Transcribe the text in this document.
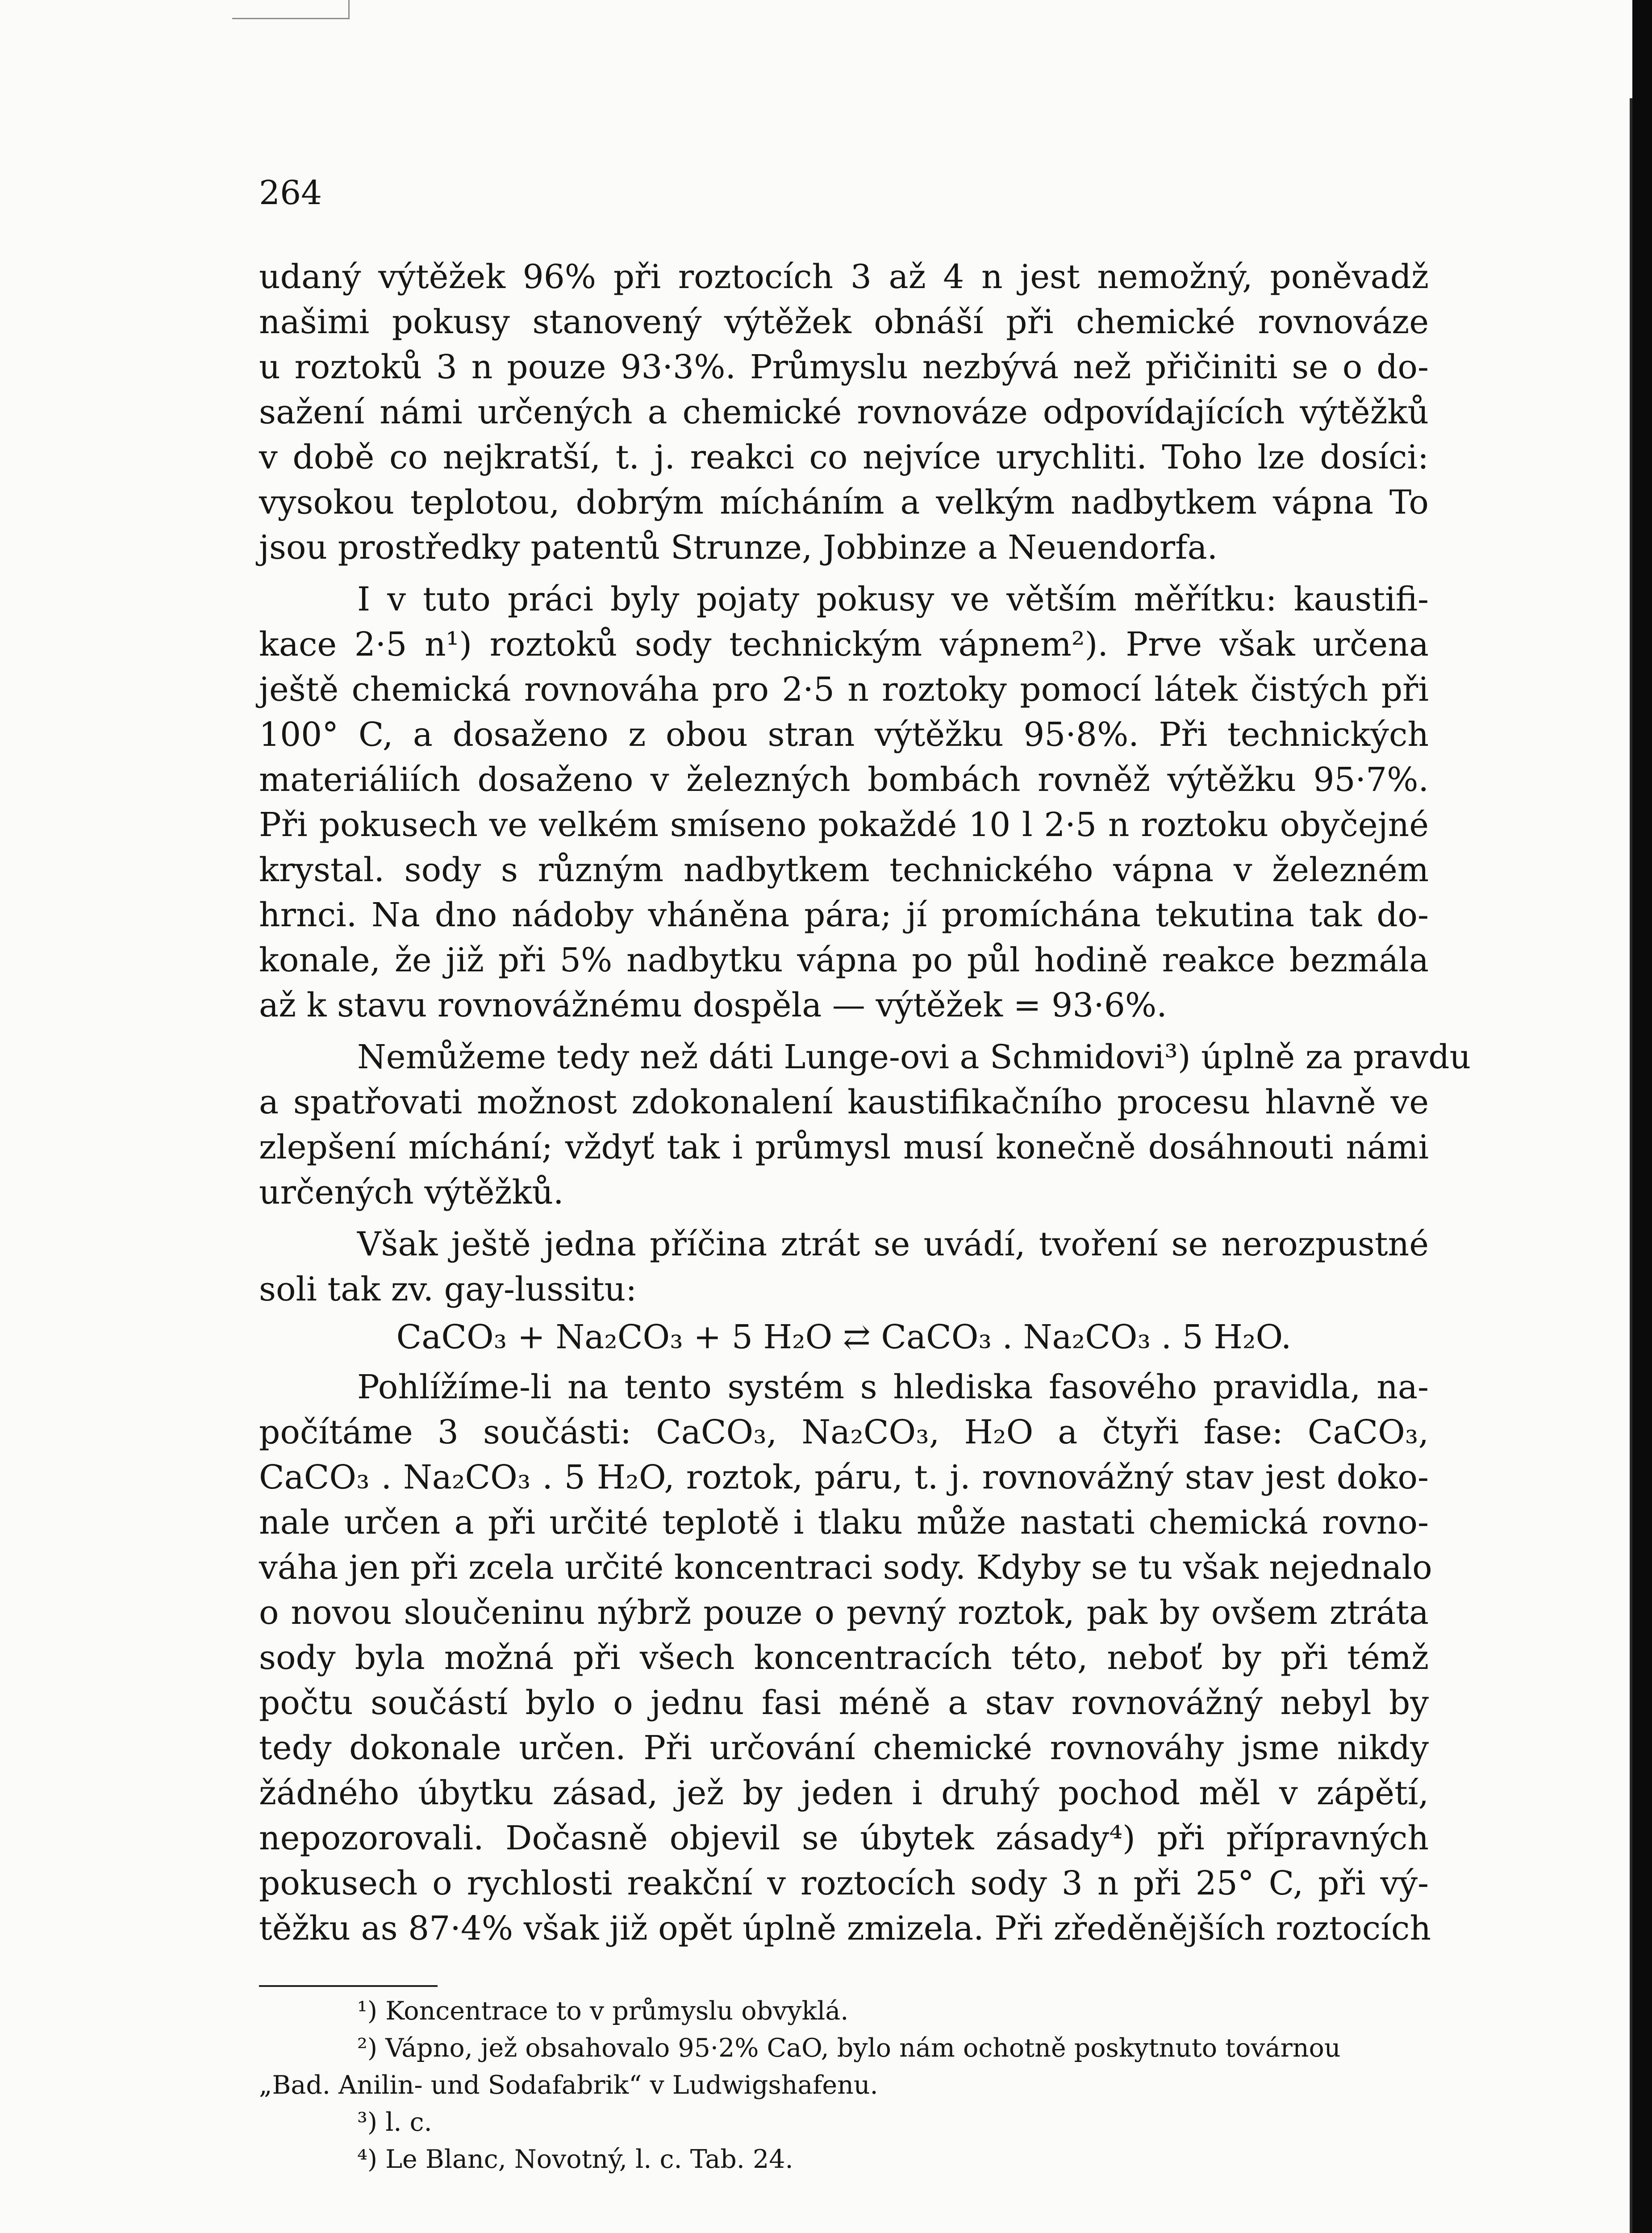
264
udaný výtěžek 96% při roztocích 3 až 4 n jest nemožný, poněvadž
našimi pokusy stanovený výtěžek obnáší při chemické rovnováze
u roztoků 3 n pouze 93·3%. Průmyslu nezbývá než přičiniti se o do-
sažení námi určených a chemické rovnováze odpovídajících výtěžků
v době co nejkratší, t. j. reakci co nejvíce urychliti. Toho lze dosíci:
vysokou teplotou, dobrým mícháním a velkým nadbytkem vápna To
jsou prostředky patentů Strunze, Jobbinze a Neuendorfa.
I v tuto práci byly pojaty pokusy ve větším měřítku: kaustifi-
kace 2·5 n¹) roztoků sody technickým vápnem²). Prve však určena
ještě chemická rovnováha pro 2·5 n roztoky pomocí látek čistých při
100° C, a dosaženo z obou stran výtěžku 95·8%. Při technických
materiáliích dosaženo v železných bombách rovněž výtěžku 95·7%.
Při pokusech ve velkém smíseno pokaždé 10 l 2·5 n roztoku obyčejné
krystal. sody s různým nadbytkem technického vápna v železném
hrnci. Na dno nádoby vháněna pára; jí promíchána tekutina tak do-
konale, že již při 5% nadbytku vápna po půl hodině reakce bezmála
až k stavu rovnovážnému dospěla — výtěžek = 93·6%.
Nemůžeme tedy než dáti Lunge-ovi a Schmidovi³) úplně za pravdu
a spatřovati možnost zdokonalení kaustifikačního procesu hlavně ve
zlepšení míchání; vždyť tak i průmysl musí konečně dosáhnouti námi
určených výtěžků.
Však ještě jedna příčina ztrát se uvádí, tvoření se nerozpustné
soli tak zv. gay-lussitu:
CaCO₃ + Na₂CO₃ + 5 H₂O ⇄ CaCO₃ . Na₂CO₃ . 5 H₂O.
Pohlížíme-li na tento systém s hlediska fasového pravidla, na-
počítáme 3 součásti: CaCO₃, Na₂CO₃, H₂O a čtyři fase: CaCO₃,
CaCO₃ . Na₂CO₃ . 5 H₂O, roztok, páru, t. j. rovnovážný stav jest doko-
nale určen a při určité teplotě i tlaku může nastati chemická rovno-
váha jen při zcela určité koncentraci sody. Kdyby se tu však nejednalo
o novou sloučeninu nýbrž pouze o pevný roztok, pak by ovšem ztráta
sody byla možná při všech koncentracích této, neboť by při témž
počtu součástí bylo o jednu fasi méně a stav rovnovážný nebyl by
tedy dokonale určen. Při určování chemické rovnováhy jsme nikdy
žádného úbytku zásad, jež by jeden i druhý pochod měl v zápětí,
nepozorovali. Dočasně objevil se úbytek zásady⁴) při přípravných
pokusech o rychlosti reakční v roztocích sody 3 n při 25° C, při vý-
těžku as 87·4% však již opět úplně zmizela. Při zředěnějších roztocích
¹) Koncentrace to v průmyslu obvyklá.
²) Vápno, jež obsahovalo 95·2% CaO, bylo nám ochotně poskytnuto továrnou
„Bad. Anilin- und Sodafabrik“ v Ludwigshafenu.
³) l. c.
⁴) Le Blanc, Novotný, l. c. Tab. 24.
